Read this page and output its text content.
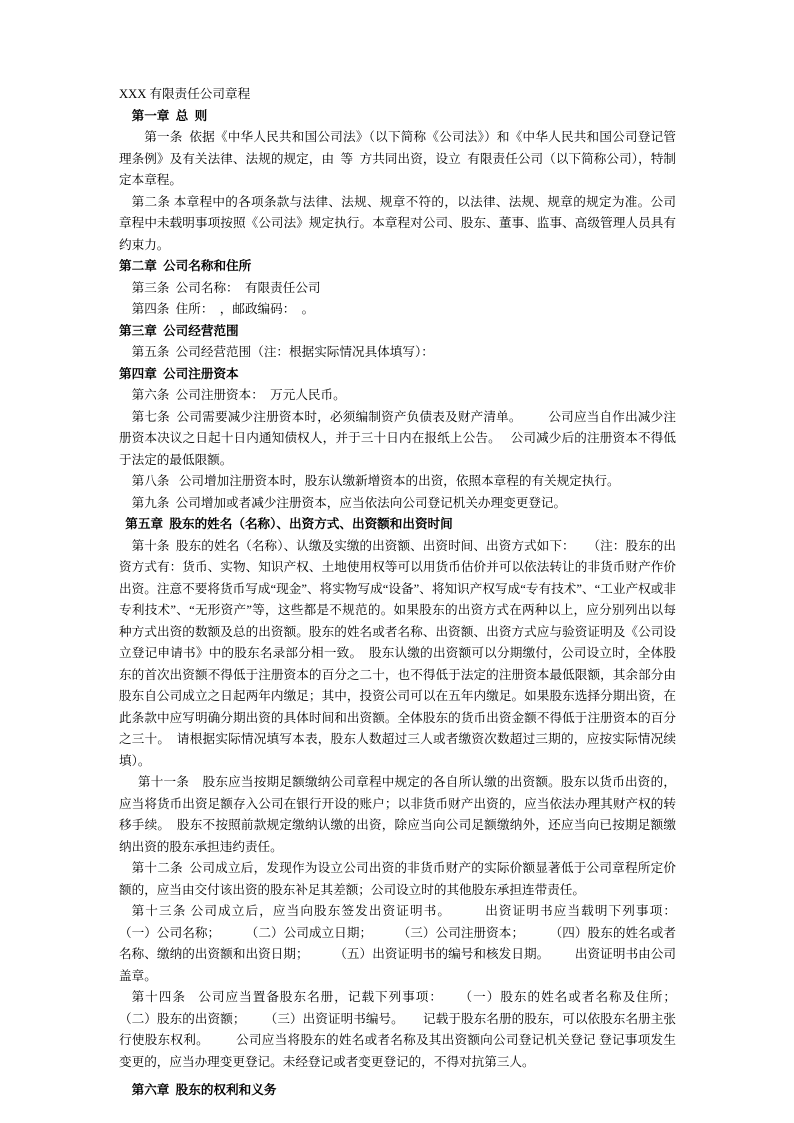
XXX 有限责任公司章程

第一章  总  则

第一条  依据《中华人民共和国公司法》（以下简称《公司法》）和《中华人民共和国公司登记管理条例》及有关法律、法规的规定，由  等  方共同出资，设立  有限责任公司（以下简称公司），特制定本章程。

第二条 本章程中的各项条款与法律、法规、规章不符的，以法律、法规、规章的规定为准。公司章程中未载明事项按照《公司法》规定执行。本章程对公司、股东、董事、监事、高级管理人员具有约束力。

第二章  公司名称和住所

第三条  公司名称：  有限责任公司

第四条  住所：  ，邮政编码：  。

第三章  公司经营范围

第五条  公司经营范围（注：根据实际情况具体填写）：

第四章  公司注册资本

第六条  公司注册资本：  万元人民币。

第七条  公司需要减少注册资本时，必须编制资产负债表及财产清单。        公司应当自作出减少注册资本决议之日起十日内通知债权人，并于三十日内在报纸上公告。   公司减少后的注册资本不得低于法定的最低限额。

第八条   公司增加注册资本时，股东认缴新增资本的出资，依照本章程的有关规定执行。

第九条  公司增加或者减少注册资本，应当依法向公司登记机关办理变更登记。

第五章  股东的姓名（名称）、出资方式、出资额和出资时间

第十条  股东的姓名（名称）、认缴及实缴的出资额、出资时间、出资方式如下：    （注：股东的出资方式有：货币、实物、知识产权、土地使用权等可以用货币估价并可以依法转让的非货币财产作价出资。注意不要将货币写成“现金”、将实物写成“设备”、将知识产权写成“专有技术”、“工业产权或非专利技术”、“无形资产”等，这些都是不规范的。如果股东的出资方式在两种以上，应分别列出以每种方式出资的数额及总的出资额。股东的姓名或者名称、出资额、出资方式应与验资证明及《公司设立登记申请书》中的股东名录部分相一致。  股东认缴的出资额可以分期缴付，公司设立时，全体股东的首次出资额不得低于注册资本的百分之二十，也不得低于法定的注册资本最低限额，其余部分由股东自公司成立之日起两年内缴足；其中，投资公司可以在五年内缴足。如果股东选择分期出资，在此条款中应写明确分期出资的具体时间和出资额。全体股东的货币出资金额不得低于注册资本的百分之三十。  请根据实际情况填写本表，股东人数超过三人或者缴资次数超过三期的，应按实际情况续填）。

第十一条    股东应当按期足额缴纳公司章程中规定的各自所认缴的出资额。股东以货币出资的，应当将货币出资足额存入公司在银行开设的账户；以非货币财产出资的，应当依法办理其财产权的转移手续。  股东不按照前款规定缴纳认缴的出资，除应当向公司足额缴纳外，还应当向已按期足额缴纳出资的股东承担违约责任。

第十二条  公司成立后，发现作为设立公司出资的非货币财产的实际价额显著低于公司章程所定价额的，应当由交付该出资的股东补足其差额；公司设立时的其他股东承担连带责任。

第十三条 公司成立后，应当向股东签发出资证明书。        出资证明书应当载明下列事项：        （一）公司名称；        （二）公司成立日期；        （三）公司注册资本；        （四）股东的姓名或者名称、缴纳的出资额和出资日期；        （五）出资证明书的编号和核发日期。        出资证明书由公司盖章。

第十四条   公司应当置备股东名册，记载下列事项：    （一）股东的姓名或者名称及住所；      （二）股东的出资额；      （三）出资证明书编号。      记载于股东名册的股东，可以依股东名册主张行使股东权利。        公司应当将股东的姓名或者名称及其出资额向公司登记机关登记 登记事项发生变更的，应当办理变更登记。未经登记或者变更登记的，不得对抗第三人。

第六章  股东的权利和义务
